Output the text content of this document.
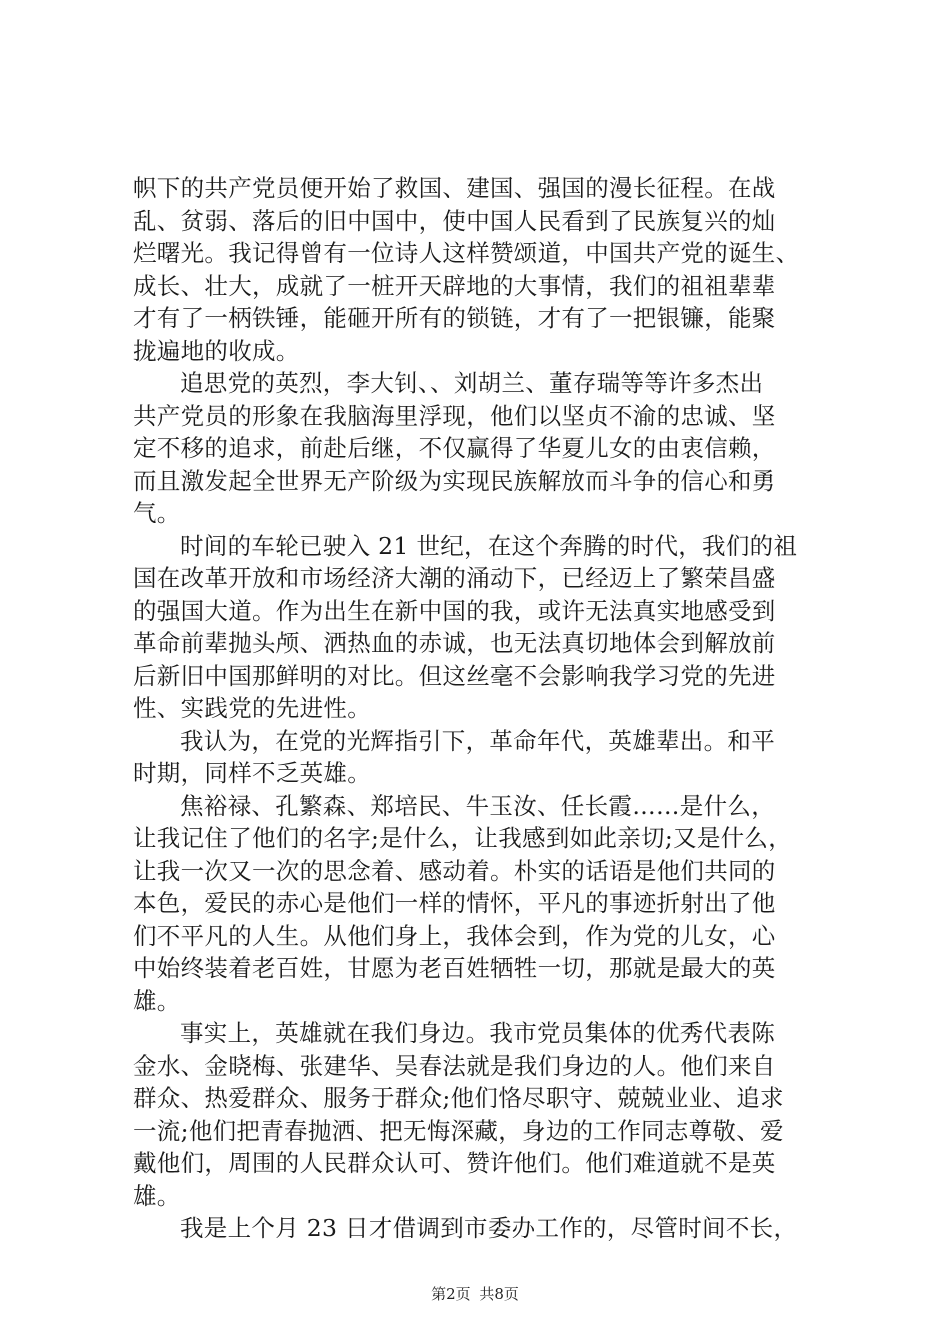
帜下的共产党员便开始了救国、建国、强国的漫长征程。在战
乱、贫弱、落后的旧中国中，使中国人民看到了民族复兴的灿
烂曙光。我记得曾有一位诗人这样赞颂道，中国共产党的诞生、
成长、壮大，成就了一桩开天辟地的大事情，我们的祖祖辈辈
才有了一柄铁锤，能砸开所有的锁链，才有了一把银镰，能聚
拢遍地的收成。
追思党的英烈，李大钊、、刘胡兰、董存瑞等等许多杰出
共产党员的形象在我脑海里浮现，他们以坚贞不渝的忠诚、坚
定不移的追求，前赴后继，不仅赢得了华夏儿女的由衷信赖，
而且激发起全世界无产阶级为实现民族解放而斗争的信心和勇
气。
时间的车轮已驶入 21 世纪，在这个奔腾的时代，我们的祖
国在改革开放和市场经济大潮的涌动下，已经迈上了繁荣昌盛
的强国大道。作为出生在新中国的我，或许无法真实地感受到
革命前辈抛头颅、洒热血的赤诚，也无法真切地体会到解放前
后新旧中国那鲜明的对比。但这丝毫不会影响我学习党的先进
性、实践党的先进性。
我认为，在党的光辉指引下，革命年代，英雄辈出。和平
时期，同样不乏英雄。
焦裕禄、孔繁森、郑培民、牛玉汝、任长霞……是什么，
让我记住了他们的名字;是什么，让我感到如此亲切;又是什么，
让我一次又一次的思念着、感动着。朴实的话语是他们共同的
本色，爱民的赤心是他们一样的情怀，平凡的事迹折射出了他
们不平凡的人生。从他们身上，我体会到，作为党的儿女，心
中始终装着老百姓，甘愿为老百姓牺牲一切，那就是最大的英
雄。
事实上，英雄就在我们身边。我市党员集体的优秀代表陈
金水、金晓梅、张建华、吴春法就是我们身边的人。他们来自
群众、热爱群众、服务于群众;他们恪尽职守、兢兢业业、追求
一流;他们把青春抛洒、把无悔深藏，身边的工作同志尊敬、爱
戴他们，周围的人民群众认可、赞许他们。他们难道就不是英
雄。
我是上个月 23 日才借调到市委办工作的，尽管时间不长，
第2页 共8页
